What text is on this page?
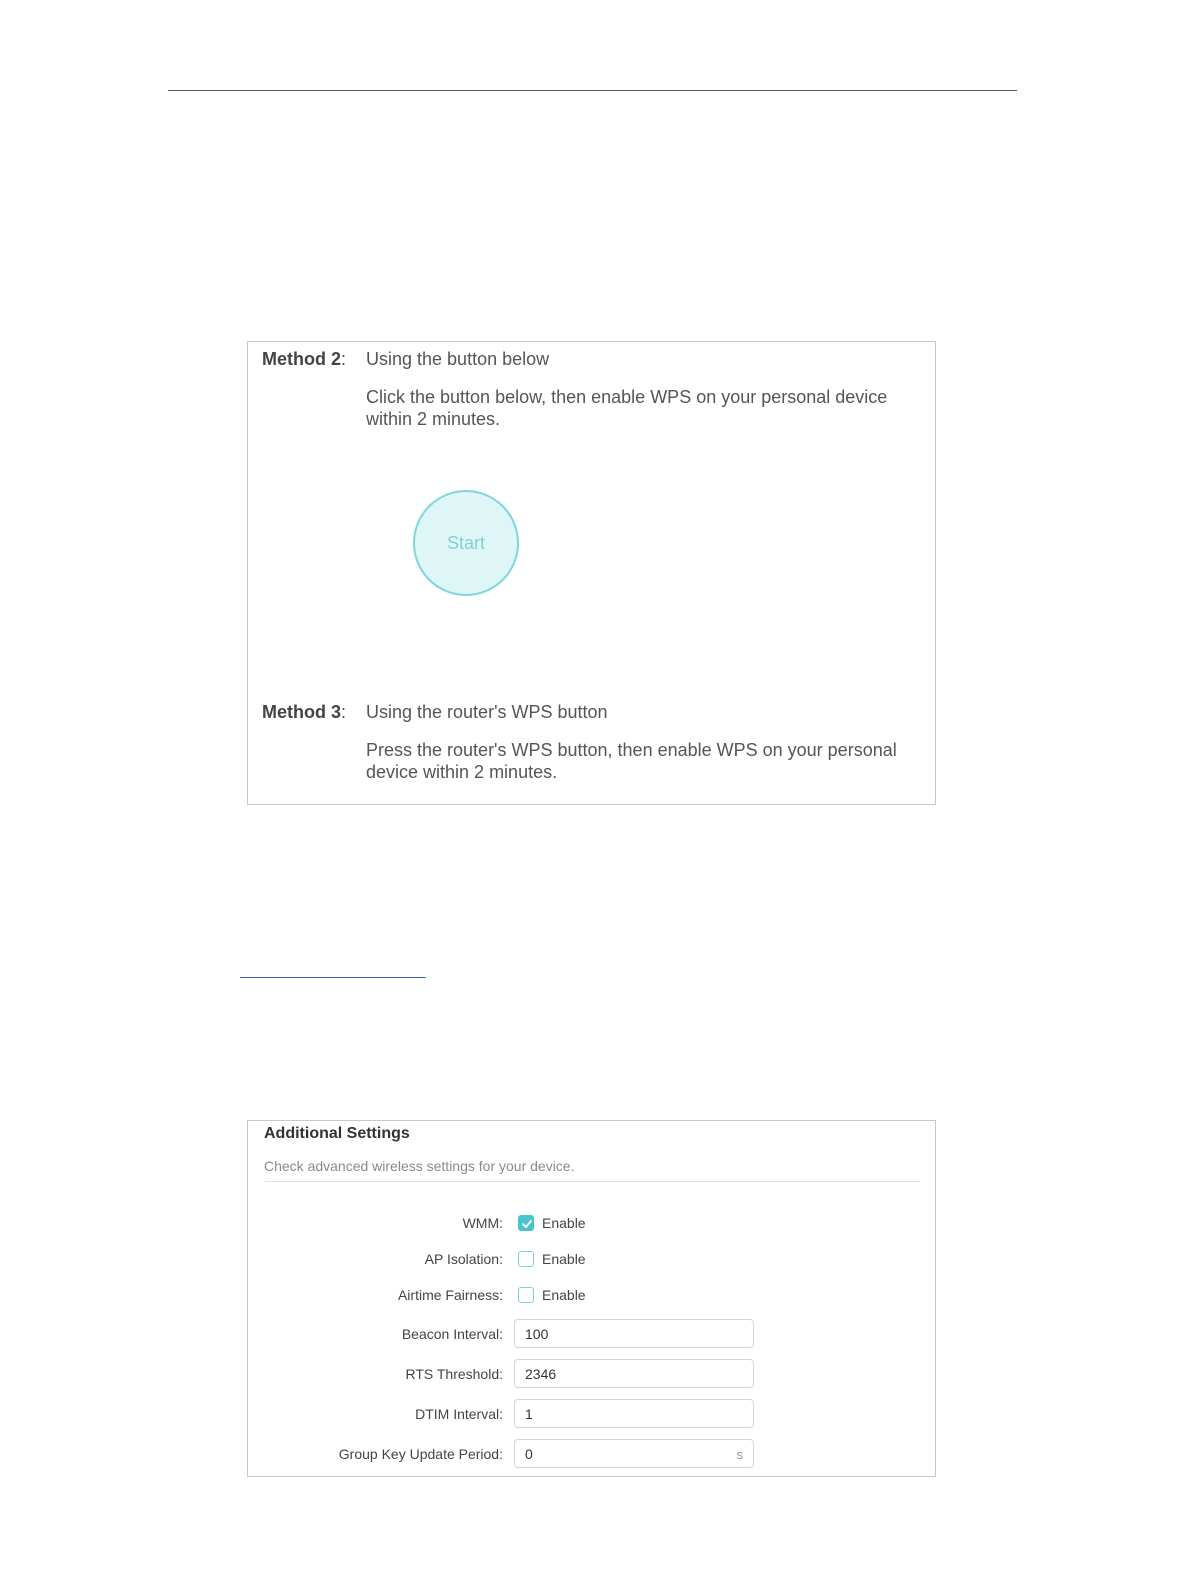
Method 2: Using the button below
Click the button below, then enable WPS on your personal device within 2 minutes.
Start
Method 3: Using the router's WPS button
Press the router's WPS button, then enable WPS on your personal device within 2 minutes.
Additional Settings
Check advanced wireless settings for your device.
WMM:	Enable
AP Isolation:	Enable
Airtime Fairness:	Enable
Beacon Interval: 100
RTS Threshold: 2346
DTIM Interval: 1
Group Key Update Period: 0	s
